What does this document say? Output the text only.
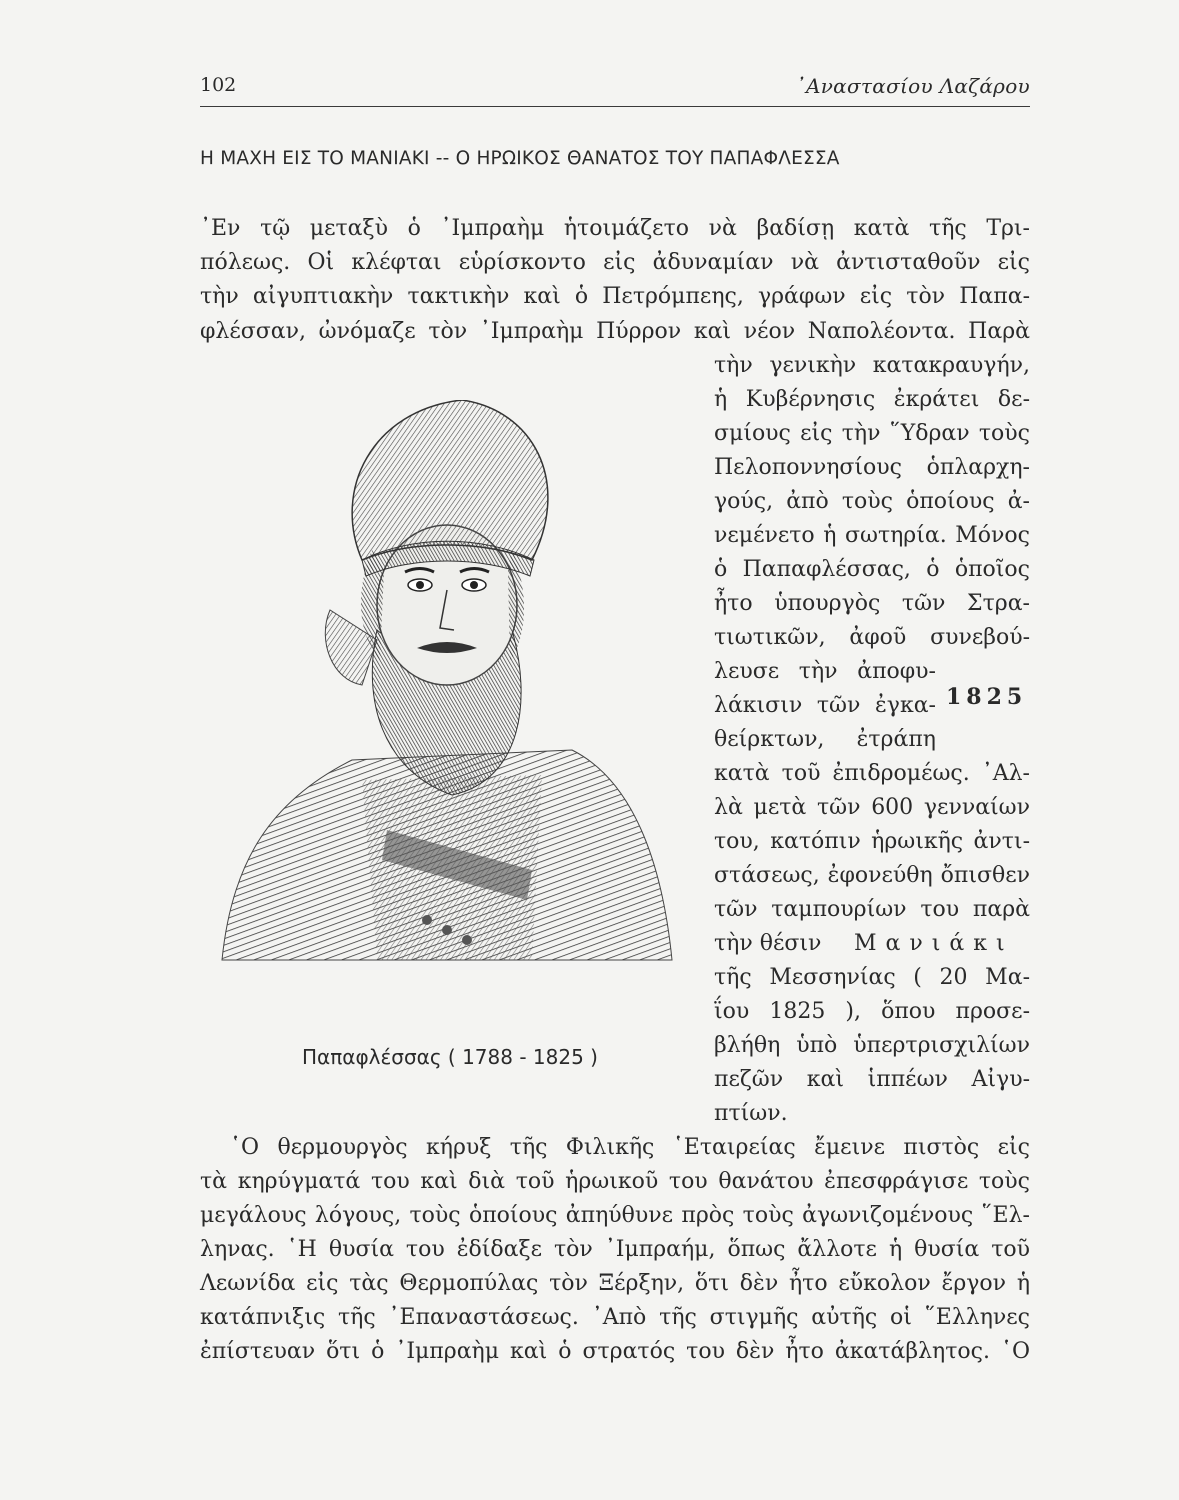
102	᾿Αναστασίου Λαζάρου
Η ΜΑΧΗ ΕΙΣ ΤΟ ΜΑΝΙΑΚΙ -- Ο ΗΡΩΙΚΟΣ ΘΑΝΑΤΟΣ ΤΟΥ ΠΑΠΑΦΛΕΣΣΑ
᾿Εν τῷ μεταξὺ ὁ ᾿Ιμπραὴμ ἡτοιμάζετο νὰ βαδίσῃ κατὰ τῆς Τρι-
πόλεως. Οἱ κλέφται εὑρίσκοντο εἰς ἀδυναμίαν νὰ ἀντισταθοῦν εἰς
τὴν αἰγυπτιακὴν τακτικὴν καὶ ὁ Πετρόμπεης, γράφων εἰς τὸν Παπα-
φλέσσαν, ὠνόμαζε τὸν ᾿Ιμπραὴμ Πύρρον καὶ νέον Ναπολέοντα. Παρὰ
τὴν γενικὴν κατακραυγήν,
ἡ Κυβέρνησις ἐκράτει δε-
σμίους εἰς τὴν ῞Υδραν τοὺς
Πελοποννησίους ὁπλαρχη-
γούς, ἀπὸ τοὺς ὁποίους ἀ-
νεμένετο ἡ σωτηρία. Μόνος
ὁ Παπαφλέσσας, ὁ ὁποῖος
ἦτο ὑπουργὸς τῶν Στρα-
τιωτικῶν, ἀφοῦ συνεβού-
λευσε τὴν ἀποφυ-
λάκισιν τῶν ἐγκα- 1825
θείρκτων, ἐτράπη
κατὰ τοῦ ἐπιδρομέως. ᾿Αλ-
λὰ μετὰ τῶν 600 γενναίων
του, κατόπιν ἡρωικῆς ἀντι-
στάσεως, ἐφονεύθη ὄπισθεν
τῶν ταμπουρίων του παρὰ
τὴν θέσιν Μανιάκι
τῆς Μεσσηνίας ( 20 Μα-
ΐου 1825 ), ὅπου προσε-
βλήθη ὑπὸ ὑπερτρισχιλίων
πεζῶν καὶ ἱππέων Αἰγυ-
πτίων.
Παπαφλέσσας ( 1788 - 1825 )
῾Ο θερμουργὸς κήρυξ τῆς Φιλικῆς ῾Εταιρείας ἔμεινε πιστὸς εἰς
τὰ κηρύγματά του καὶ διὰ τοῦ ἡρωικοῦ του θανάτου ἐπεσφράγισε τοὺς
μεγάλους λόγους, τοὺς ὁποίους ἀπηύθυνε πρὸς τοὺς ἀγωνιζομένους ῞Ελ-
ληνας. ῾Η θυσία του ἐδίδαξε τὸν ᾿Ιμπραήμ, ὅπως ἄλλοτε ἡ θυσία τοῦ
Λεωνίδα εἰς τὰς Θερμοπύλας τὸν Ξέρξην, ὅτι δὲν ἦτο εὔκολον ἔργον ἡ
κατάπνιξις τῆς ᾿Επαναστάσεως. ᾿Απὸ τῆς στιγμῆς αὐτῆς οἱ ῞Ελληνες
ἐπίστευαν ὅτι ὁ ᾿Ιμπραὴμ καὶ ὁ στρατός του δὲν ἦτο ἀκατάβλητος. ῾Ο
